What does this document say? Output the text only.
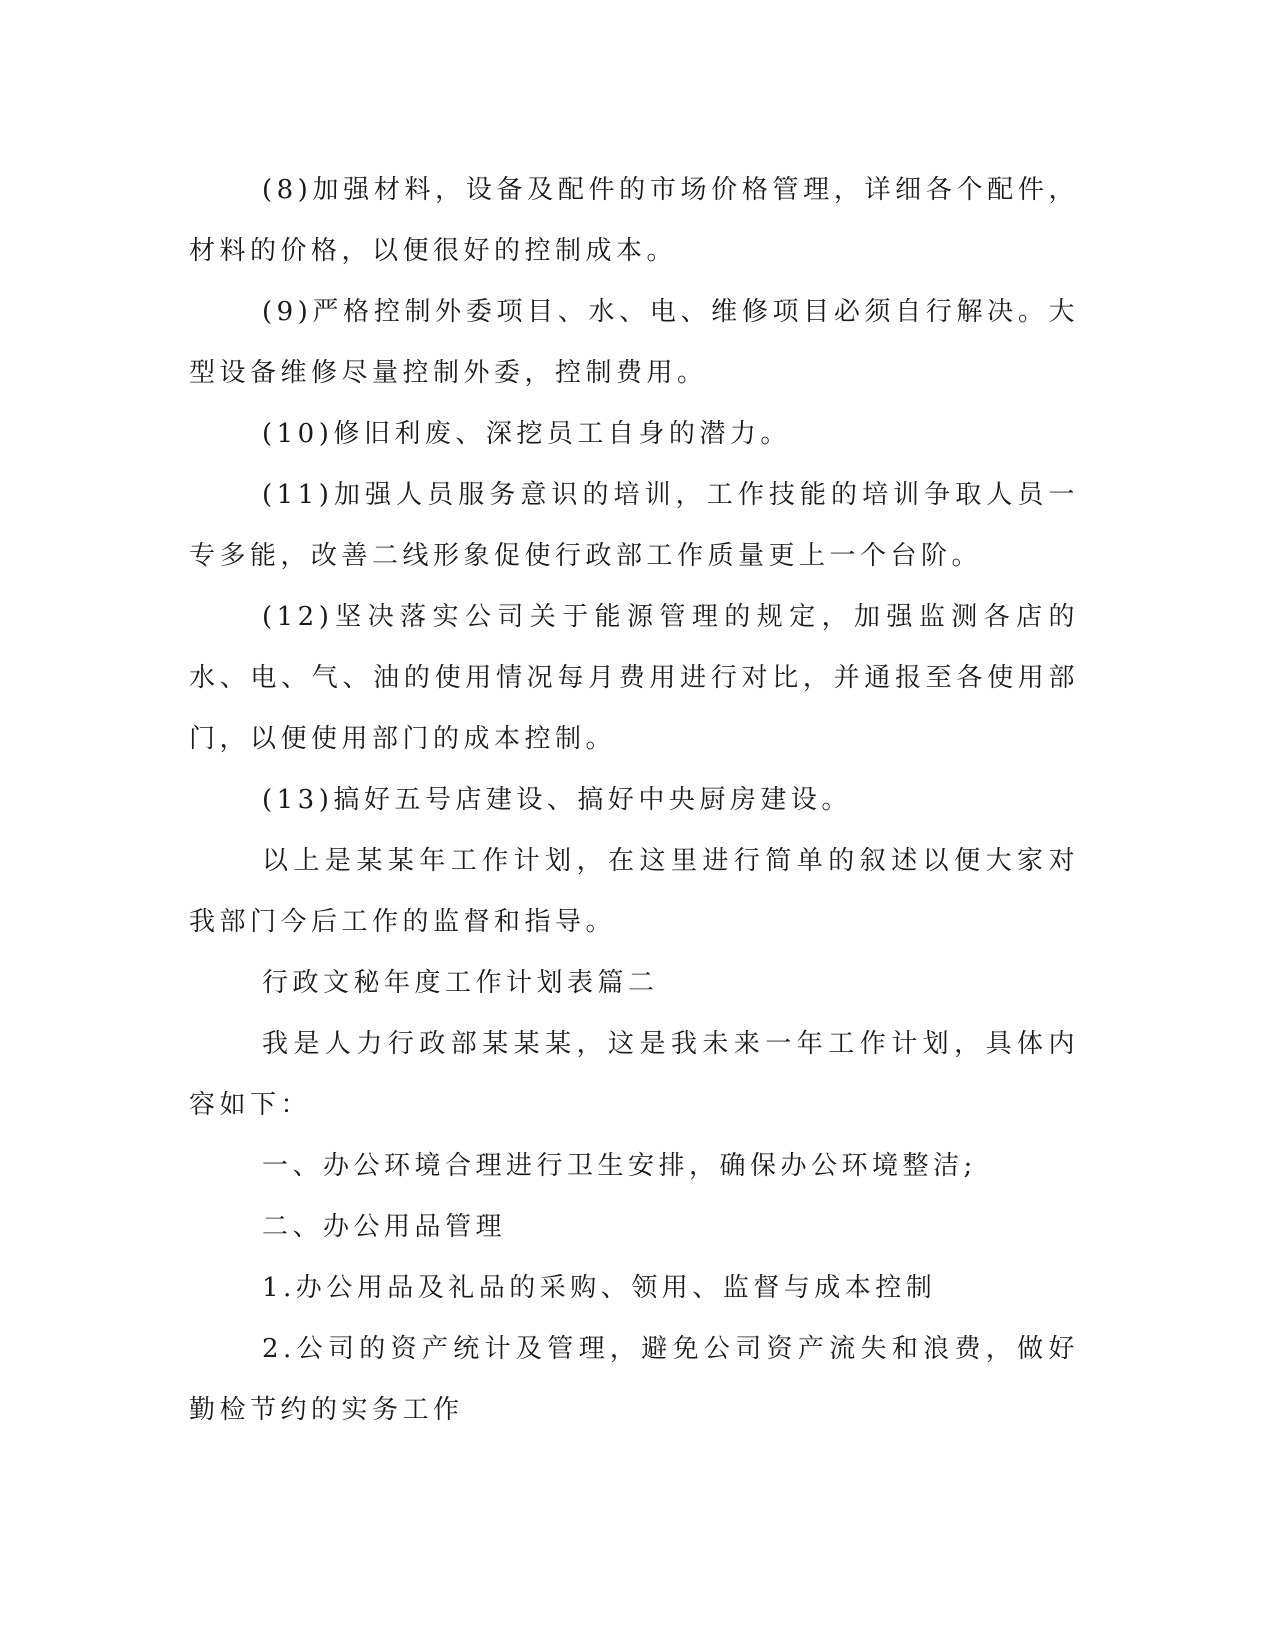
(8)加强材料，设备及配件的市场价格管理，详细各个配件，材料的价格，以便很好的控制成本。

(9)严格控制外委项目、水、电、维修项目必须自行解决。大型设备维修尽量控制外委，控制费用。

(10)修旧利废、深挖员工自身的潜力。

(11)加强人员服务意识的培训，工作技能的培训争取人员一专多能，改善二线形象促使行政部工作质量更上一个台阶。

(12)坚决落实公司关于能源管理的规定，加强监测各店的水、电、气、油的使用情况每月费用进行对比，并通报至各使用部门，以便使用部门的成本控制。

(13)搞好五号店建设、搞好中央厨房建设。

以上是某某年工作计划，在这里进行简单的叙述以便大家对我部门今后工作的监督和指导。

行政文秘年度工作计划表篇二

我是人力行政部某某某，这是我未来一年工作计划，具体内容如下：

一、办公环境合理进行卫生安排，确保办公环境整洁;

二、办公用品管理

1.办公用品及礼品的采购、领用、监督与成本控制

2.公司的资产统计及管理，避免公司资产流失和浪费，做好勤检节约的实务工作
